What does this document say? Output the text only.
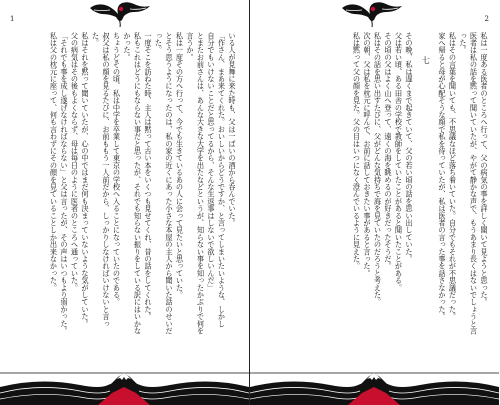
1

いる人が見舞に来た時も、父は一ぱいの酒から呑んでいた。

「作さん、まあ来てくれた。おいしいからどうですか、と言ってしまいたいような、しかし

自分でもいけないことだと思ってるから、そんな生返事はしないで欲しいんだ」

とまたお前さんは、あんな大きな大学を出たなどというが、知らない事を知ったかぶりで何を言うか。

私は一度その方へ行って、今でも生きているあの人に会って見たいと思っていた。

とそう思うようになったのは、私の家の近くにあった小さな本屋の主人から聞いた話のせいだった。

一度そこを訪ねた時、主人は黙って古い本をいくつも見せてくれ、昔の話をしてくれた。

私もこれはどうにもならない事だと思ったが、それでも知らない振りをしている訳にはいかなかった。

ちょうどその頃、私は中学を卒業して東京の学校へ入ることになっていたのである。

叔父は私の顔を見るたびに、お前ももう一人前だから、しっかりしなければいけないと言った。

私はそれを黙って聞いていたが、心の中ではまだ何も決まっていないような気がしていた。

父の病気はその後もよくならず、母は毎日のように医者のところへ通っていた。

「それでも事を成し遂げなければならない」と父は言ったが、その声はいつもより弱かった。

私は父の枕元に座って、何も言わずにその顔を見ていることしか出来なかった。

2

私は一度ある医者のところへ行って、父の病気の事を詳しく聞いて見ようと思った。

医者は私の話を黙って聞いていたが、やがて静かな声で、もうあまり長くはないでしょうと言った。

私はその言葉を聞いても、不思議なほど落ち着いていた。自分でもそれが不思議だった。

家へ帰ると母が心配そうな顔で私を待っていたが、私は医者の言った事を話さなかった。

七

その晩、私は遅くまで起きていて、父の若い頃の話を思い出していた。

父は若い頃、ある田舎の学校で教師をしていたことがあると聞いたことがある。

その頃の父はよく山へ登って、遠くの海を眺めるのが好きだったそうだ。

私はその話を思い出すたびに、父がどんな気持ちで海を見ていたのだろうと考えた。

次の朝、父は私を枕元に呼んで、お前に話しておきたい事があると言った。

私は黙って父の顔を見た。父の目はいつになく澄んでいるように見えた。
